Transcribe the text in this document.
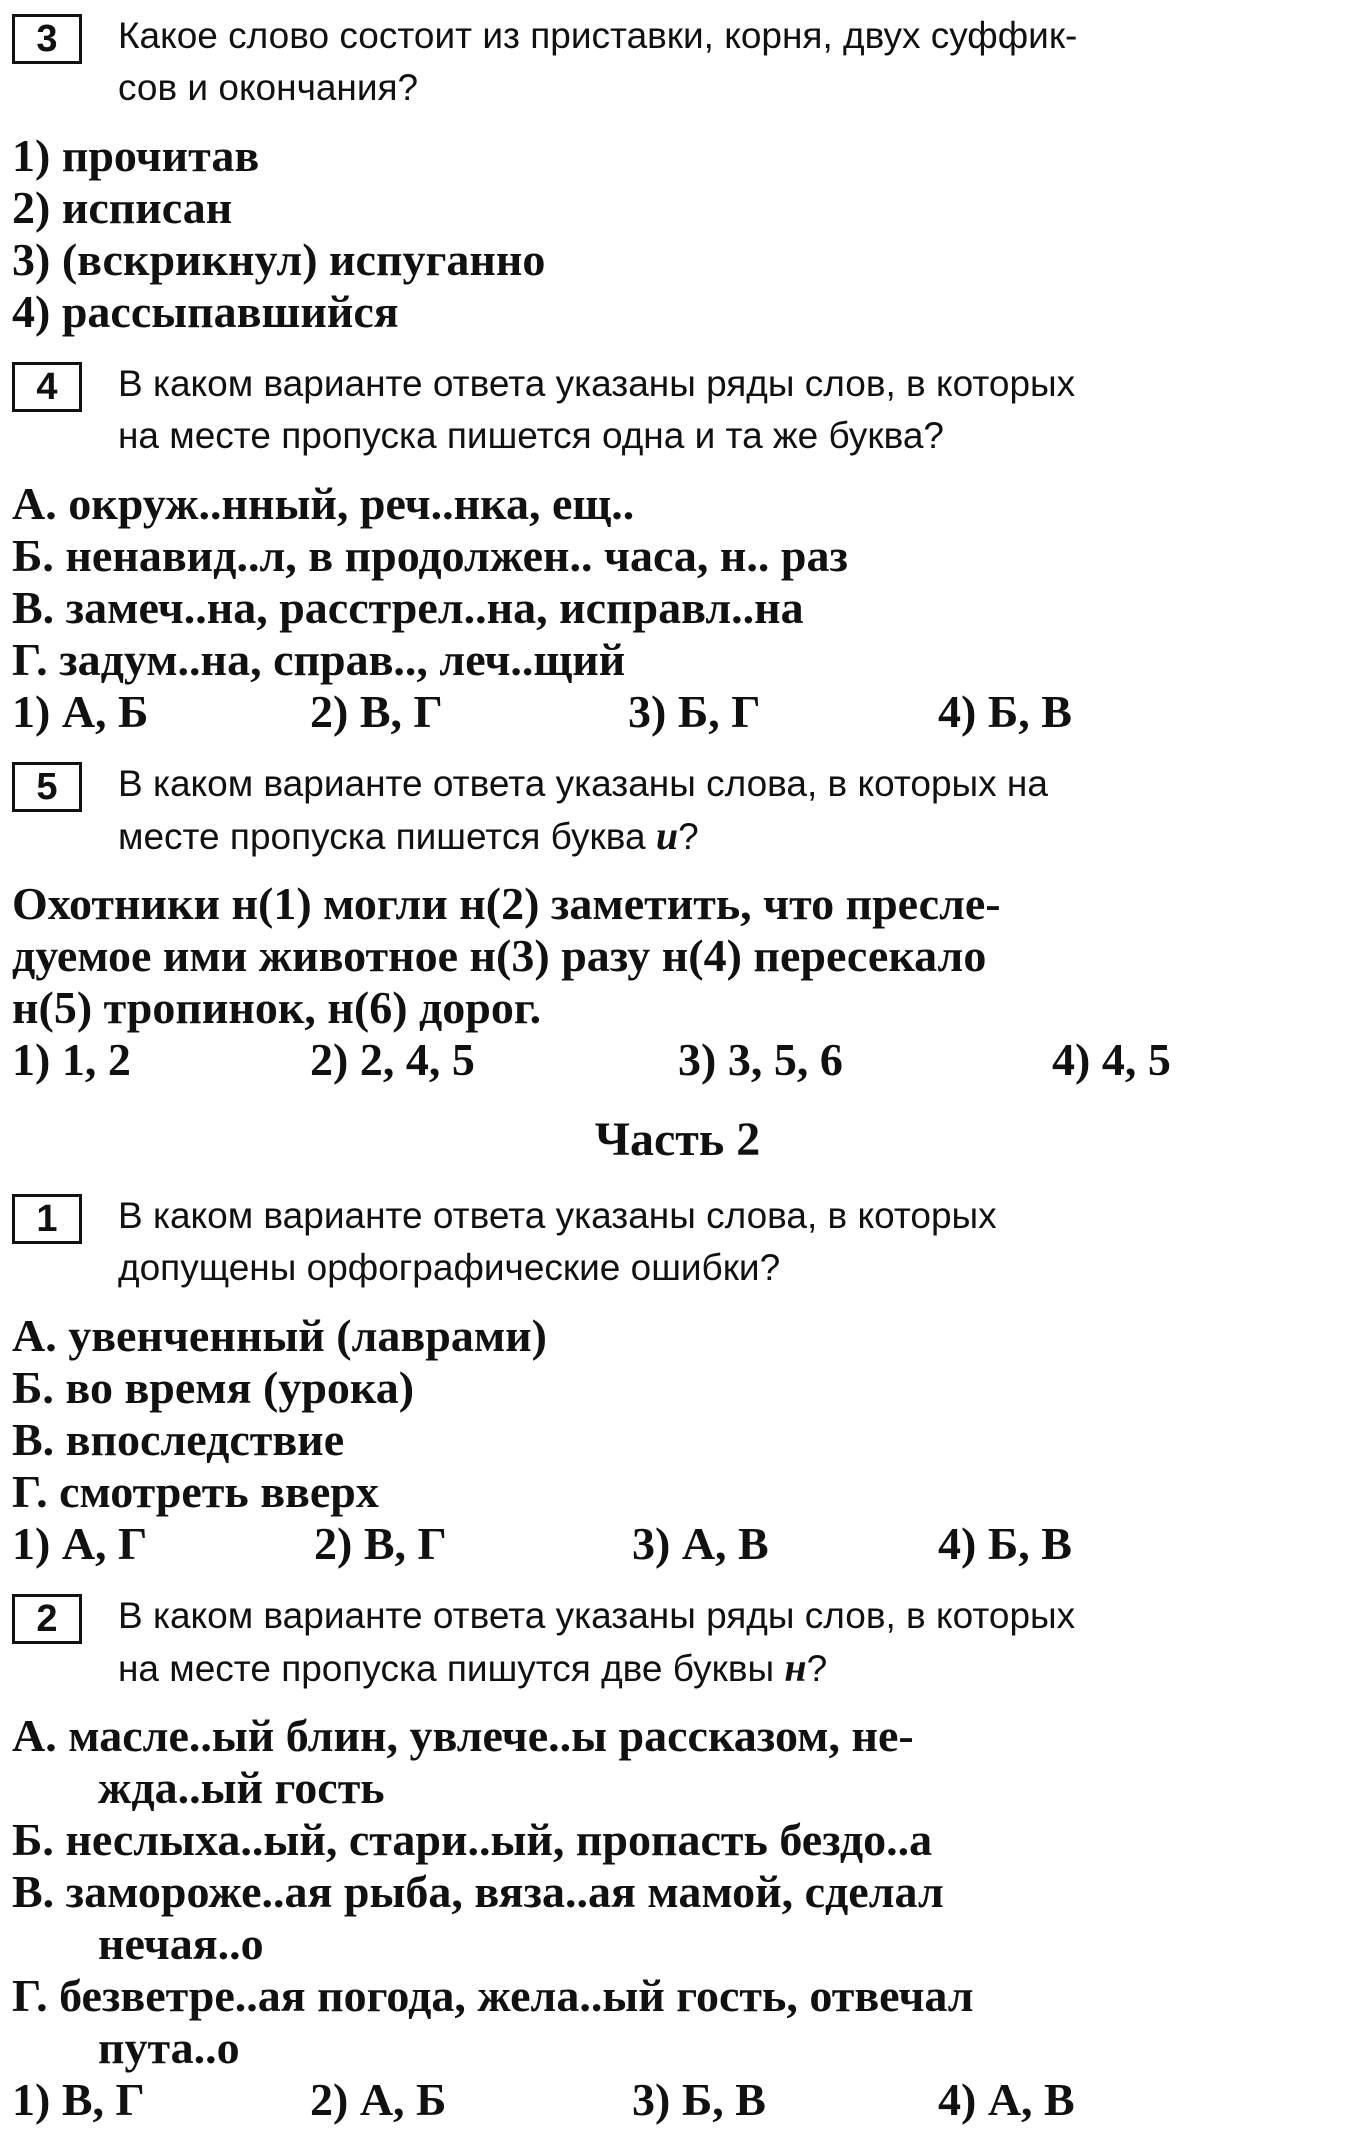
3	Какое слово состоит из приставки, корня, двух суффик-
сов и окончания?
1) прочитав
2) исписан
3) (вскрикнул) испуганно
4) рассыпавшийся
4	В каком варианте ответа указаны ряды слов, в которых
на месте пропуска пишется одна и та же буква?
А. окруж..нный, реч..нка, ещ..
Б. ненавид..л, в продолжен.. часа, н.. раз
В. замеч..на, расстрел..на, исправл..на
Г. задум..на, справ.., леч..щий
1) А, Б	2) В, Г	3) Б, Г	4) Б, В
5	В каком варианте ответа указаны слова, в которых на
месте пропуска пишется буква и?
Охотники н(1) могли н(2) заметить, что пресле-
дуемое ими животное н(3) разу н(4) пересекало
н(5) тропинок, н(6) дорог.
1) 1, 2	2) 2, 4, 5	3) 3, 5, 6	4) 4, 5
Часть 2
1	В каком варианте ответа указаны слова, в которых
допущены орфографические ошибки?
А. увенченный (лаврами)
Б. во время (урока)
В. впоследствие
Г. смотреть вверх
1) А, Г	2) В, Г	3) А, В	4) Б, В
2	В каком варианте ответа указаны ряды слов, в которых
на месте пропуска пишутся две буквы н?
А. масле..ый блин, увлече..ы рассказом, не-
жда..ый гость
Б. неслыха..ый, стари..ый, пропасть бездо..а
В. замороже..ая рыба, вяза..ая мамой, сделал
нечая..о
Г. безветре..ая погода, жела..ый гость, отвечал
пута..о
1) В, Г	2) А, Б	3) Б, В	4) А, В
